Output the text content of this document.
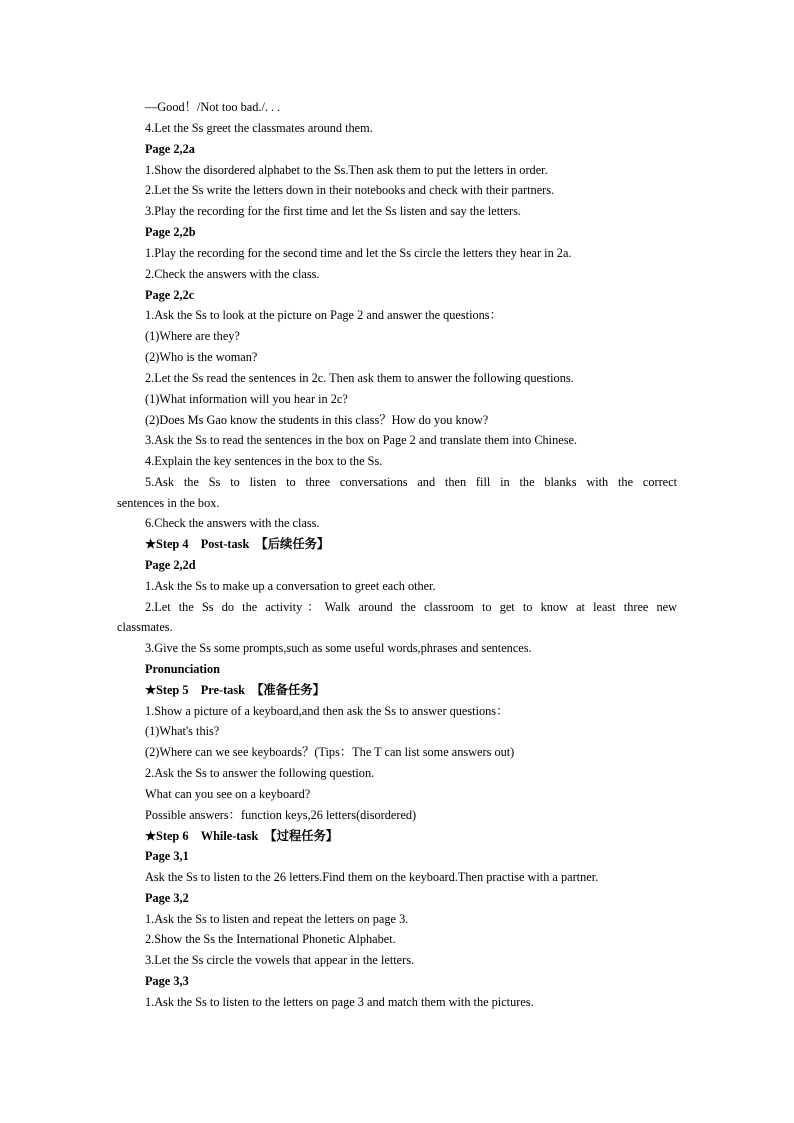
—Good！/Not too bad./. . .
4.Let the Ss greet the classmates around them.
Page 2,2a
1.Show the disordered alphabet to the Ss.Then ask them to put the letters in order.
2.Let the Ss write the letters down in their notebooks and check with their partners.
3.Play the recording for the first time and let the Ss listen and say the letters.
Page 2,2b
1.Play the recording for the second time and let the Ss circle the letters they hear in 2a.
2.Check the answers with the class.
Page 2,2c
1.Ask the Ss to look at the picture on Page 2 and answer the questions：
(1)Where are they?
(2)Who is the woman?
2.Let the Ss read the sentences in 2c. Then ask them to answer the following questions.
(1)What information will you hear in 2c?
(2)Does Ms Gao know the students in this class？How do you know?
3.Ask the Ss to read the sentences in the box on Page 2 and translate them into Chinese.
4.Explain the key sentences in the box to the Ss.
5.Ask the Ss to listen to three conversations and then fill in the blanks with the correct
sentences in the box.
6.Check the answers with the class.
★Step 4　Post-task　【后续任务】
Page 2,2d
1.Ask the Ss to make up a conversation to greet each other.
2.Let the Ss do the activity：Walk around the classroom to get to know at least three new
classmates.
3.Give the Ss some prompts,such as some useful words,phrases and sentences.
Pronunciation
★Step 5　Pre-task　【准备任务】
1.Show a picture of a keyboard,and then ask the Ss to answer questions：
(1)What's this?
(2)Where can we see keyboards？(Tips：The T can list some answers out)
2.Ask the Ss to answer the following question.
What can you see on a keyboard?
Possible answers：function keys,26 letters(disordered)
★Step 6　While-task　【过程任务】
Page 3,1
Ask the Ss to listen to the 26 letters.Find them on the keyboard.Then practise with a partner.
Page 3,2
1.Ask the Ss to listen and repeat the letters on page 3.
2.Show the Ss the International Phonetic Alphabet.
3.Let the Ss circle the vowels that appear in the letters.
Page 3,3
1.Ask the Ss to listen to the letters on page 3 and match them with the pictures.
